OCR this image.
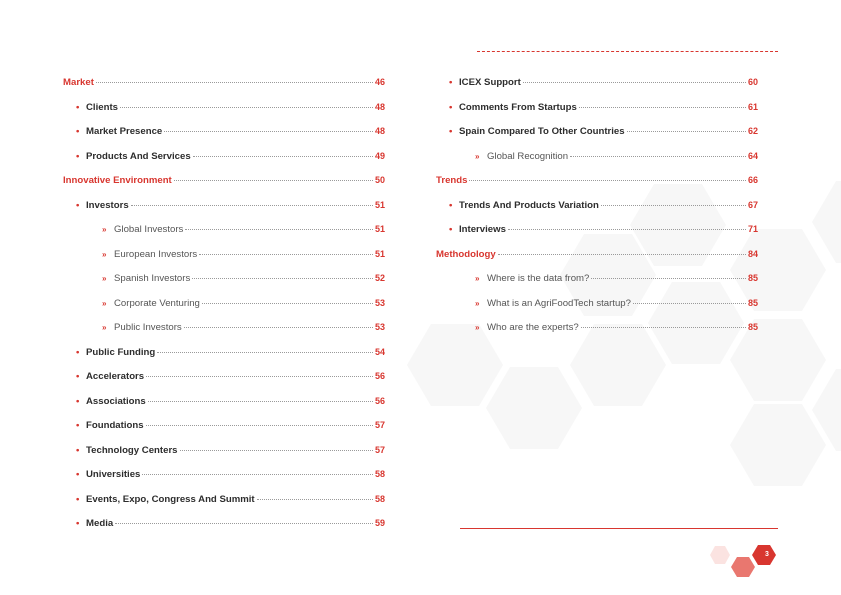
Market	46
• Clients	48
• Market Presence	48
• Products And Services	49
Innovative Environment	50
• Investors	51
» Global Investors	51
» European Investors	51
» Spanish Investors	52
» Corporate Venturing	53
» Public Investors	53
• Public Funding	54
• Accelerators	56
• Associations	56
• Foundations	57
• Technology Centers	57
• Universities	58
• Events, Expo, Congress And Summit	58
• Media	59
• ICEX Support	60
• Comments From Startups	61
• Spain Compared To Other Countries	62
» Global Recognition	64
Trends	66
• Trends And Products Variation	67
• Interviews	71
Methodology	84
» Where is the data from?	85
» What is an AgriFoodTech startup?	85
» Who are the experts?	85
3
